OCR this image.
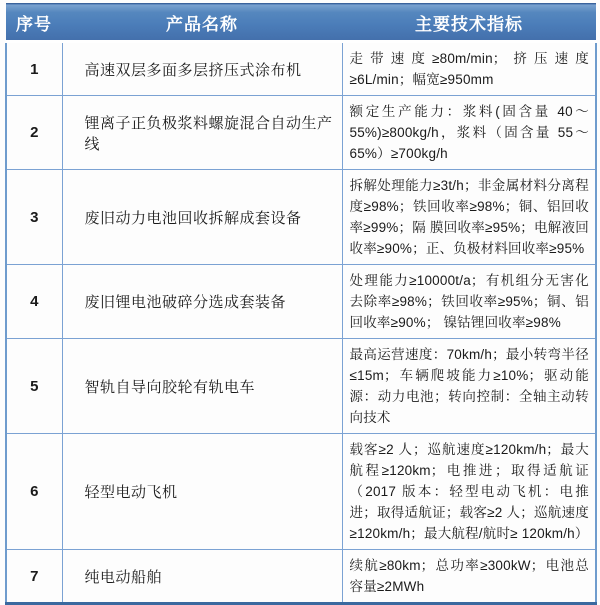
序号	产品名称	主要技术指标
1	高速双层多面多层挤压式涂布机	走带速度≥80m/min；挤压速度≥6L/min；幅宽≥950mm
2	锂离子正负极浆料螺旋混合自动生产线	额定生产能力：浆料(固含量 40～55%)≥800kg/h，浆料（固含量 55～65%）≥700kg/h
3	废旧动力电池回收拆解成套设备	拆解处理能力≥3t/h；非金属材料分离程度≥98%；铁回收率≥98%；铜、铝回收率≥99%；隔 膜回收率≥95%；电解液回收率≥90%；正、负极材料回收率≥95%
4	废旧锂电池破碎分选成套装备	处理能力≥10000t/a；有机组分无害化去除率≥98%；铁回收率≥95%；铜、铝回收率≥90%； 镍钴锂回收率≥98%
5	智轨自导向胶轮有轨电车	最高运营速度：70km/h；最小转弯半径≤15m；车辆爬坡能力≥10%；驱动能源：动力电池；转向控制：全轴主动转向技术
6	轻型电动飞机	载客≥2 人；巡航速度≥120km/h；最大航程≥120km；电推进；取得适航证（2017 版本：轻型电动飞机：电推进；取得适航证；载客≥2 人；巡航速度≥120km/h；最大航程/航时≥ 120km/h）
7	纯电动船舶	续航≥80km；总功率≥300kW；电池总容量≥2MWh
